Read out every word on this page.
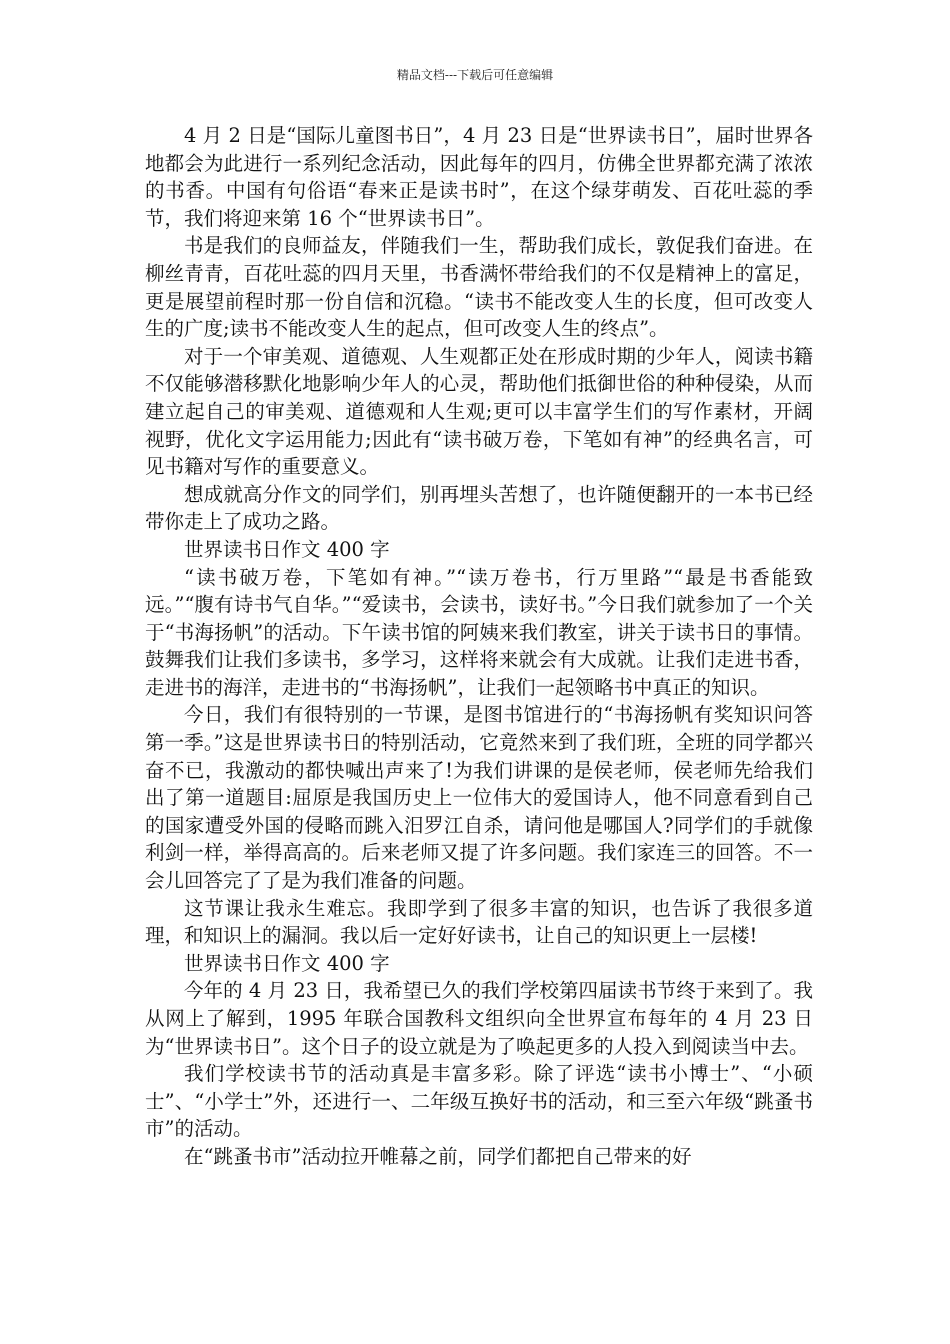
精品文档---下载后可任意编辑

4 月 2 日是“国际儿童图书日”，4 月 23 日是“世界读书日”，届时世界各地都会为此进行一系列纪念活动，因此每年的四月，仿佛全世界都充满了浓浓的书香。中国有句俗语“春来正是读书时”，在这个绿芽萌发、百花吐蕊的季节，我们将迎来第 16 个“世界读书日”。

书是我们的良师益友，伴随我们一生，帮助我们成长，敦促我们奋进。在柳丝青青，百花吐蕊的四月天里，书香满怀带给我们的不仅是精神上的富足，更是展望前程时那一份自信和沉稳。“读书不能改变人生的长度，但可改变人生的广度;读书不能改变人生的起点，但可改变人生的终点”。

对于一个审美观、道德观、人生观都正处在形成时期的少年人，阅读书籍不仅能够潜移默化地影响少年人的心灵，帮助他们抵御世俗的种种侵染，从而建立起自己的审美观、道德观和人生观;更可以丰富学生们的写作素材，开阔视野，优化文字运用能力;因此有“读书破万卷，下笔如有神”的经典名言，可见书籍对写作的重要意义。

想成就高分作文的同学们，别再埋头苦想了，也许随便翻开的一本书已经带你走上了成功之路。

世界读书日作文 400 字

“读书破万卷，下笔如有神。”“读万卷书，行万里路”“最是书香能致远。”“腹有诗书气自华。”“爱读书，会读书，读好书。”今日我们就参加了一个关于“书海扬帆”的活动。下午读书馆的阿姨来我们教室，讲关于读书日的事情。鼓舞我们让我们多读书，多学习，这样将来就会有大成就。让我们走进书香，走进书的海洋，走进书的“书海扬帆”，让我们一起领略书中真正的知识。

今日，我们有很特别的一节课，是图书馆进行的“书海扬帆有奖知识问答第一季。”这是世界读书日的特别活动，它竟然来到了我们班，全班的同学都兴奋不已，我激动的都快喊出声来了!为我们讲课的是侯老师，侯老师先给我们出了第一道题目:屈原是我国历史上一位伟大的爱国诗人，他不同意看到自己的国家遭受外国的侵略而跳入汨罗江自杀，请问他是哪国人?同学们的手就像利剑一样，举得高高的。后来老师又提了许多问题。我们家连三的回答。不一会儿回答完了了是为我们准备的问题。

这节课让我永生难忘。我即学到了很多丰富的知识，也告诉了我很多道理，和知识上的漏洞。我以后一定好好读书，让自己的知识更上一层楼!

世界读书日作文 400 字

今年的 4 月 23 日，我希望已久的我们学校第四届读书节终于来到了。我从网上了解到，1995 年联合国教科文组织向全世界宣布每年的 4 月 23 日为“世界读书日”。这个日子的设立就是为了唤起更多的人投入到阅读当中去。

我们学校读书节的活动真是丰富多彩。除了评选“读书小博士”、“小硕士”、“小学士”外，还进行一、二年级互换好书的活动，和三至六年级“跳蚤书市”的活动。

在“跳蚤书市”活动拉开帷幕之前，同学们都把自己带来的好
